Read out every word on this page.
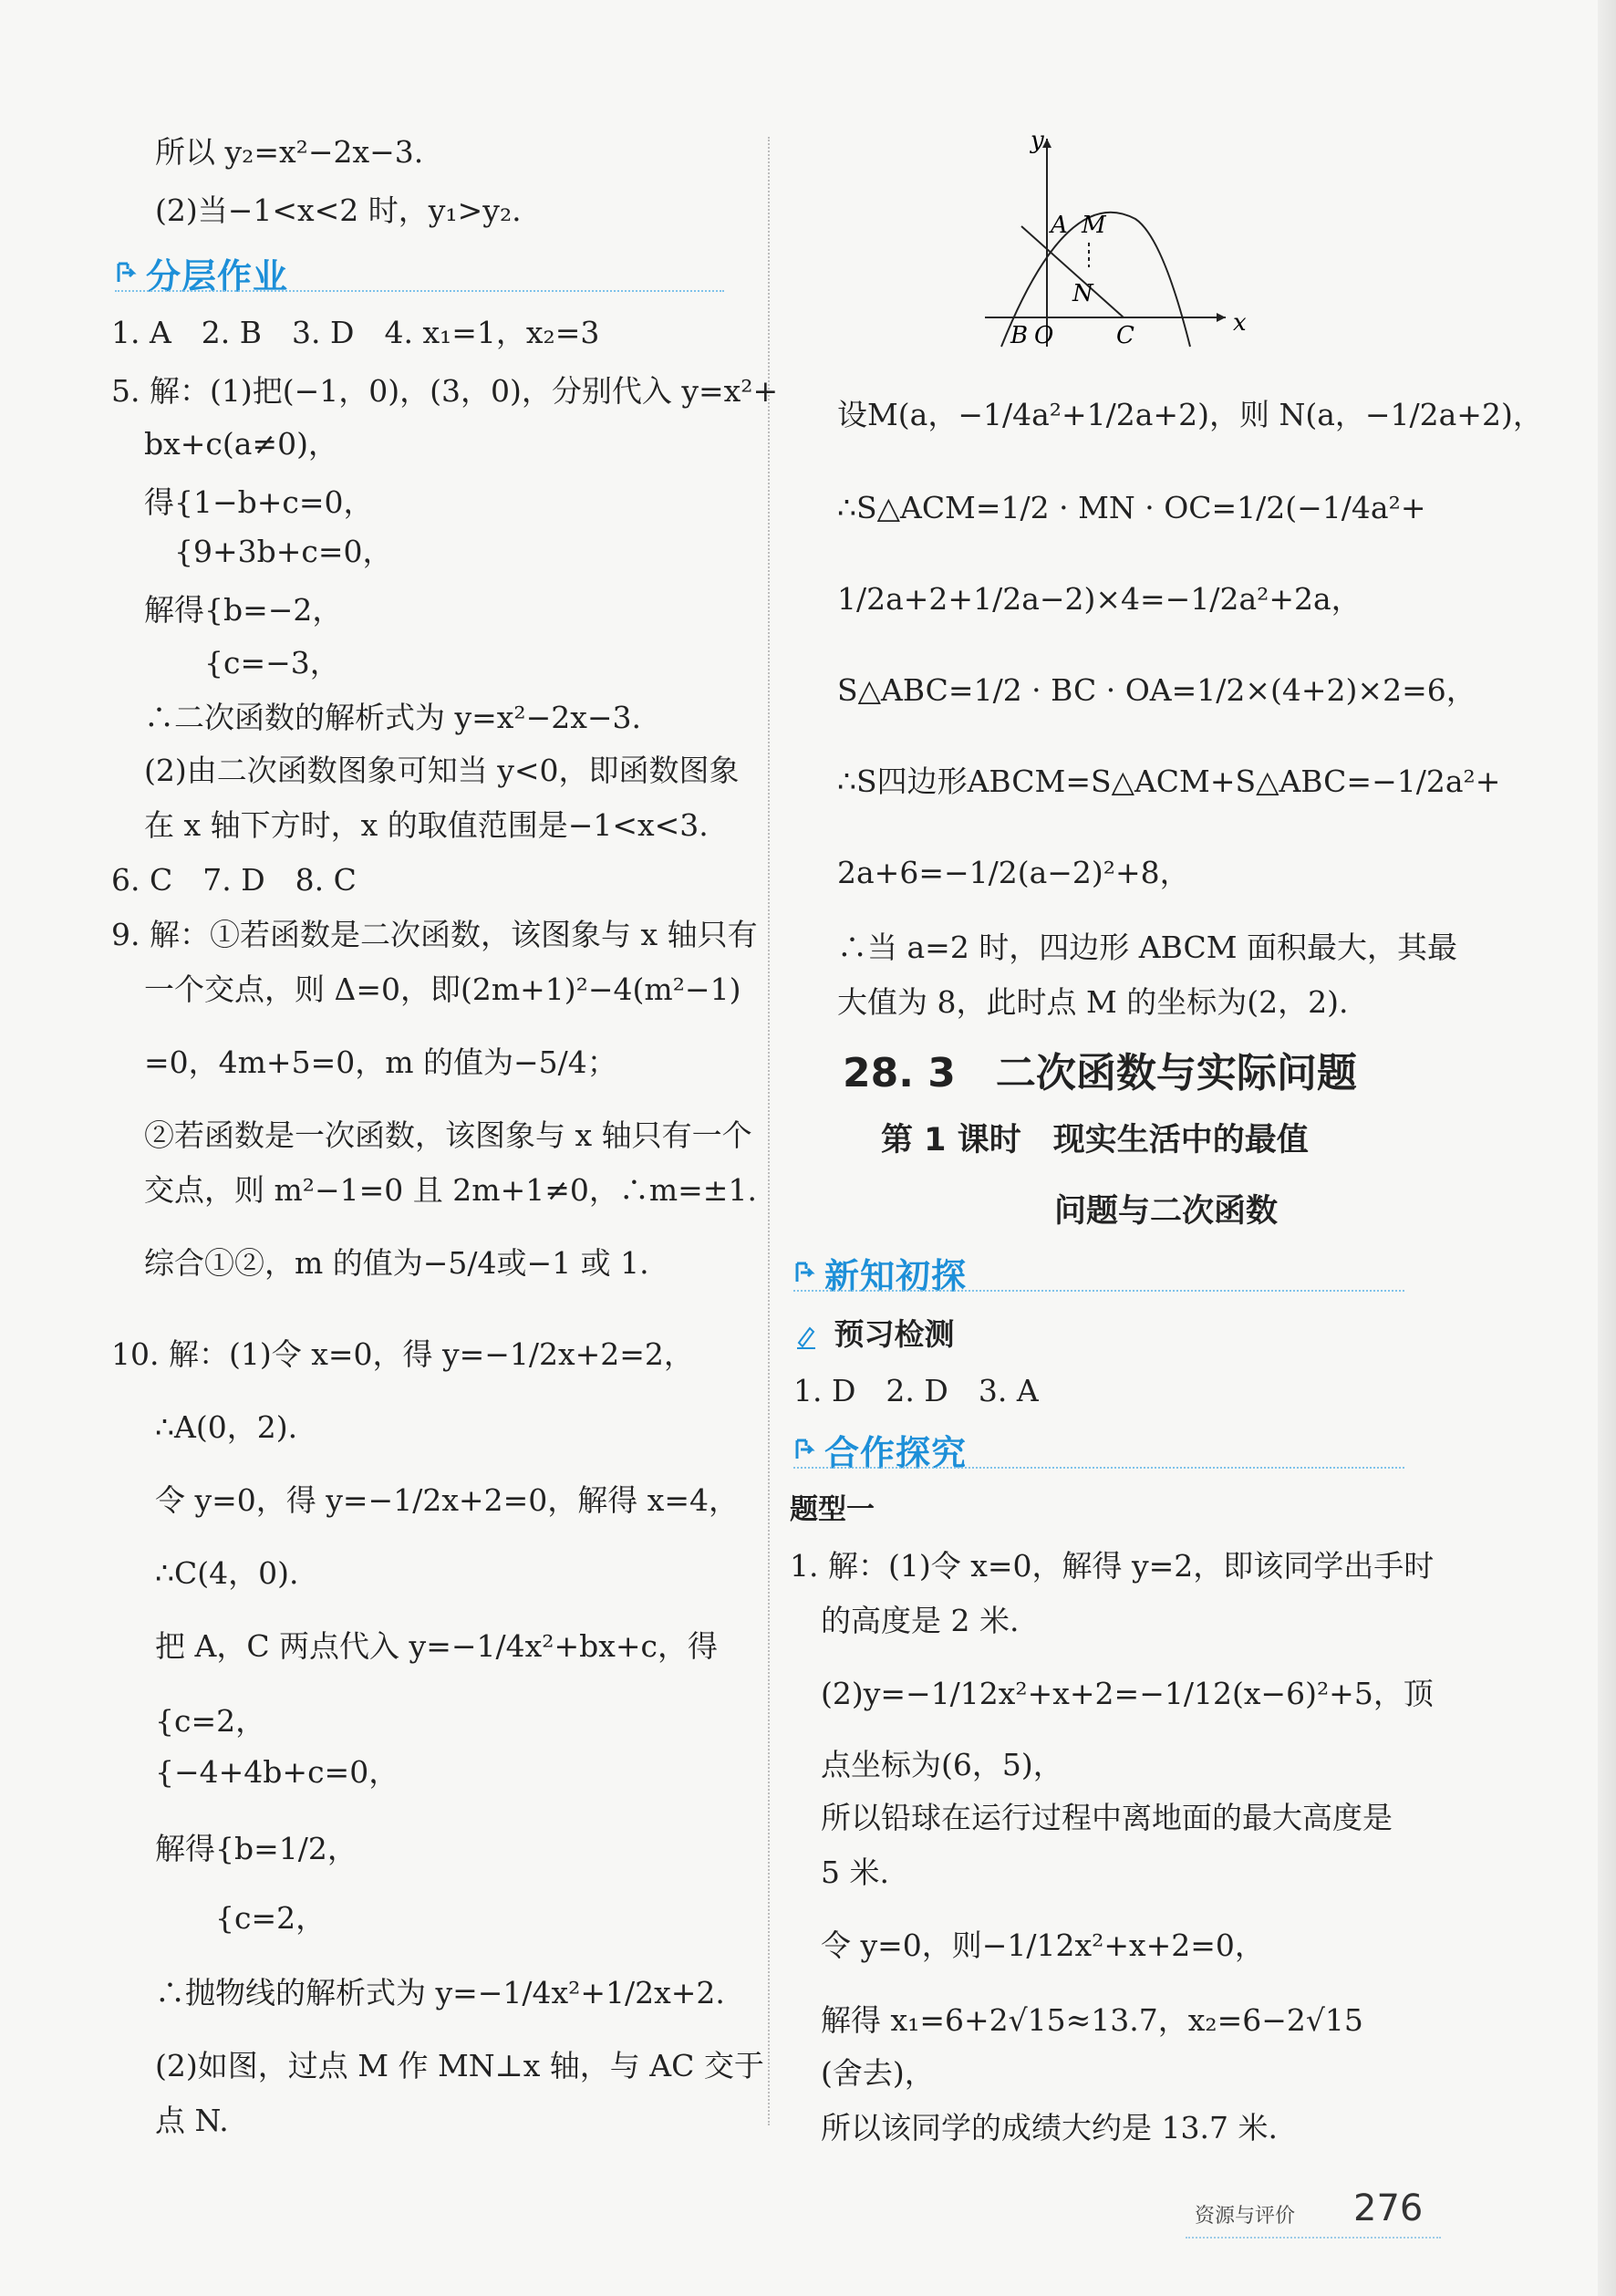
所以 y₂=x²−2x−3.
(2)当−1<x<2 时，y₁>y₂.
分层作业
1. A　2. B　3. D　4. x₁=1，x₂=3
5. 解：(1)把(−1，0)，(3，0)，分别代入 y=x²+
bx+c(a≠0)，
得{1−b+c=0，
　{9+3b+c=0，
解得{b=−2，
　　{c=−3，
∴二次函数的解析式为 y=x²−2x−3.
(2)由二次函数图象可知当 y<0，即函数图象
在 x 轴下方时，x 的取值范围是−1<x<3.
6. C　7. D　8. C
9. 解：①若函数是二次函数，该图象与 x 轴只有
一个交点，则 Δ=0，即(2m+1)²−4(m²−1)
=0，4m+5=0，m 的值为−5/4；
②若函数是一次函数，该图象与 x 轴只有一个
交点，则 m²−1=0 且 2m+1≠0，∴m=±1.
综合①②，m 的值为−5/4或−1 或 1.
10. 解：(1)令 x=0，得 y=−1/2x+2=2，
∴A(0，2).
令 y=0，得 y=−1/2x+2=0，解得 x=4，
∴C(4，0).
把 A，C 两点代入 y=−1/4x²+bx+c，得
{c=2，
{−4+4b+c=0，
解得{b=1/2，
　　{c=2，
∴抛物线的解析式为 y=−1/4x²+1/2x+2.
(2)如图，过点 M 作 MN⊥x 轴，与 AC 交于
点 N.
y
x
A M
N
B O	C
设M(a，−1/4a²+1/2a+2)，则 N(a，−1/2a+2)，
∴S△ACM=1/2 · MN · OC=1/2(−1/4a²+
1/2a+2+1/2a−2)×4=−1/2a²+2a，
S△ABC=1/2 · BC · OA=1/2×(4+2)×2=6，
∴S四边形ABCM=S△ACM+S△ABC=−1/2a²+
2a+6=−1/2(a−2)²+8，
∴当 a=2 时，四边形 ABCM 面积最大，其最
大值为 8，此时点 M 的坐标为(2，2).
28. 3　二次函数与实际问题
第 1 课时　现实生活中的最值
问题与二次函数
新知初探
预习检测
1. D　2. D　3. A
合作探究
题型一
1. 解：(1)令 x=0，解得 y=2，即该同学出手时
的高度是 2 米.
(2)y=−1/12x²+x+2=−1/12(x−6)²+5，顶
点坐标为(6，5)，
所以铅球在运行过程中离地面的最大高度是
5 米.
令 y=0，则−1/12x²+x+2=0，
解得 x₁=6+2√15≈13.7，x₂=6−2√15
(舍去)，
所以该同学的成绩大约是 13.7 米.
资源与评价 276
